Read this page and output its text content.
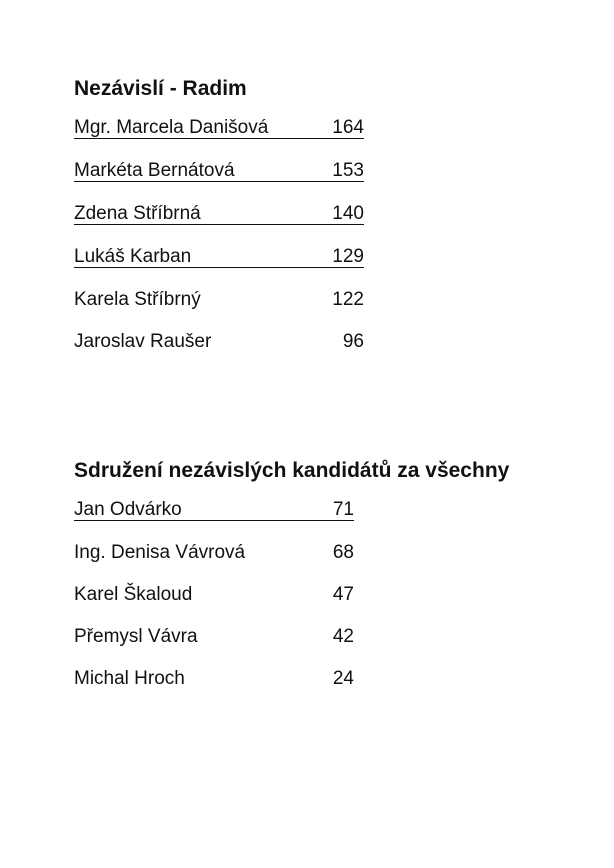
Nezávislí - Radim
Mgr. Marcela Danišová	164
Markéta Bernátová	153
Zdena Stříbrná	140
Lukáš Karban	129
Karela Stříbrný	122
Jaroslav Raušer	96
Sdružení nezávislých kandidátů za všechny
Jan Odvárko	71
Ing. Denisa Vávrová	68
Karel Škaloud	47
Přemysl Vávra	42
Michal Hroch	24
